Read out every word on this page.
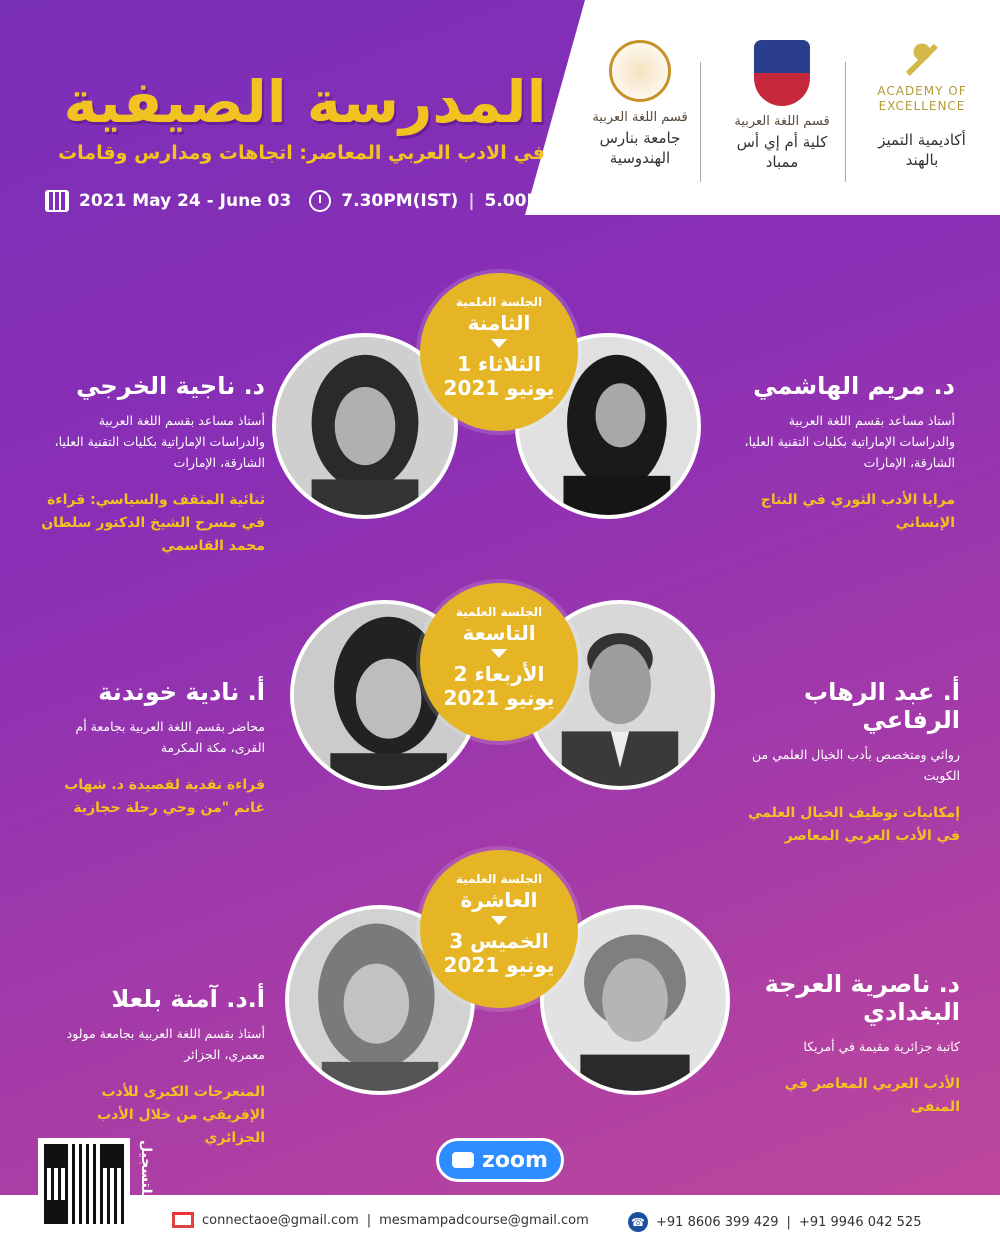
المدرسة الصيفية
في الادب العربي المعاصر: اتجاهات ومدارس وقامات
2021 May 24 - June 03	7.30PM(IST) | 5.00PM(KSA)
قسم اللغة العربية
جامعة بنارس
الهندوسية
قسم اللغة العربية
كلية أم إي أس
ممباد
ACADEMY OF
EXCELLENCE
أكاديمية التميز
بالهند
الجلسة العلمية
الثامنة
الثلاثاء 1
يونيو 2021
د. ناجية الخرجي
أستاذ مساعد بقسم اللغة العربية والدراسات الإماراتية بكليات التقنية العليا، الشارقة، الإمارات
ثنائية المثقف والسياسي: قراءة في مسرح الشيخ الدكتور سلطان محمد القاسمي
د. مريم الهاشمي
أستاذ مساعد بقسم اللغة العربية والدراسات الإماراتية بكليات التقنية العليا، الشارقة، الإمارات
مرايا الأدب الثوري في النتاج الإنساني
الجلسة العلمية
التاسعة
الأربعاء 2
يونيو 2021
أ. نادية خوندنة
محاضر بقسم اللغة العربية بجامعة أم القرى، مكة المكرمة
قراءة نقدية لقصيدة د. شهاب غانم "من وحي رحلة حجازية
أ. عبد الرهاب الرفاعي
روائي ومتخصص بأدب الخيال العلمي من الكويت
إمكانيات توظيف الخيال العلمي في الأدب العربي المعاصر
الجلسة العلمية
العاشرة
الخميس 3
يونيو 2021
أ.د. آمنة بلعلا
أستاذ بقسم اللغة العربية بجامعة مولود معمري، الجزائر
المنعرجات الكبرى للأدب الإفريقي من خلال الأدب الجزائري
د. ناصرية العرجة البغدادي
كاتبة جزائرية مقيمة في أمريكا
الأدب العربي المعاصر في المنفى
للتسجيل	zoom
connectaoe@gmail.com | mesmampadcourse@gmail.com	☎ +91 8606 399 429 | +91 9946 042 525
